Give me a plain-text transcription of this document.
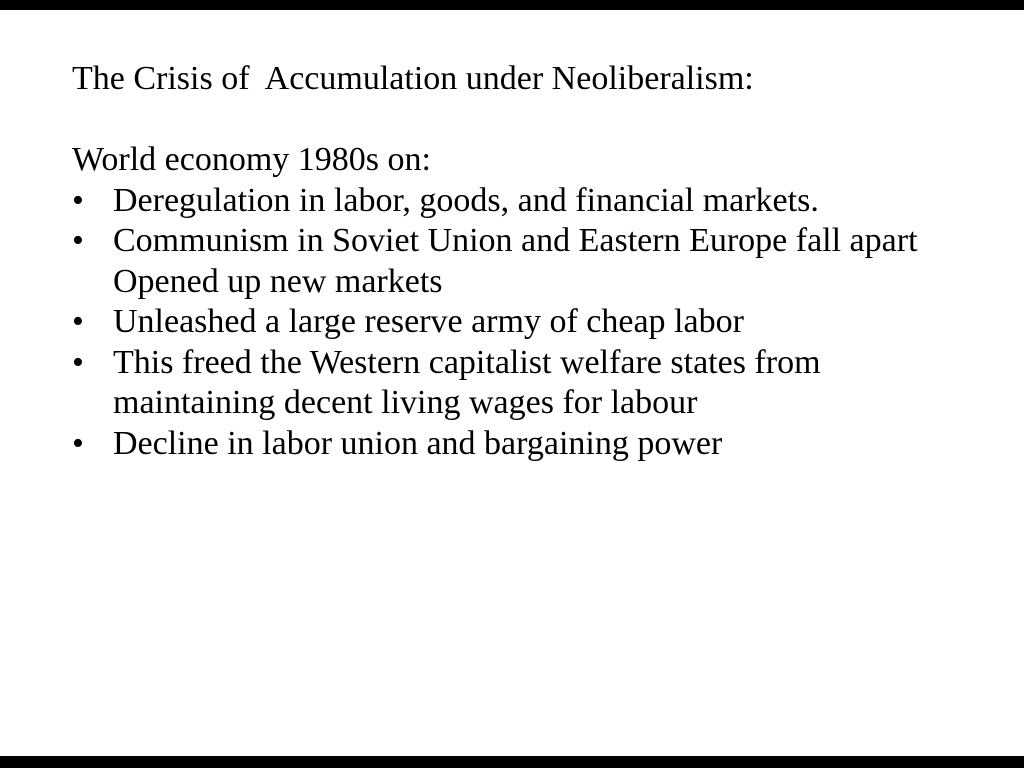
The Crisis of  Accumulation under Neoliberalism:
World economy 1980s on:
• Deregulation in labor, goods, and financial markets.
• Communism in Soviet Union and Eastern Europe fall apart
Opened up new markets
• Unleashed a large reserve army of cheap labor
• This freed the Western capitalist welfare states from
maintaining decent living wages for labour
• Decline in labor union and bargaining power
